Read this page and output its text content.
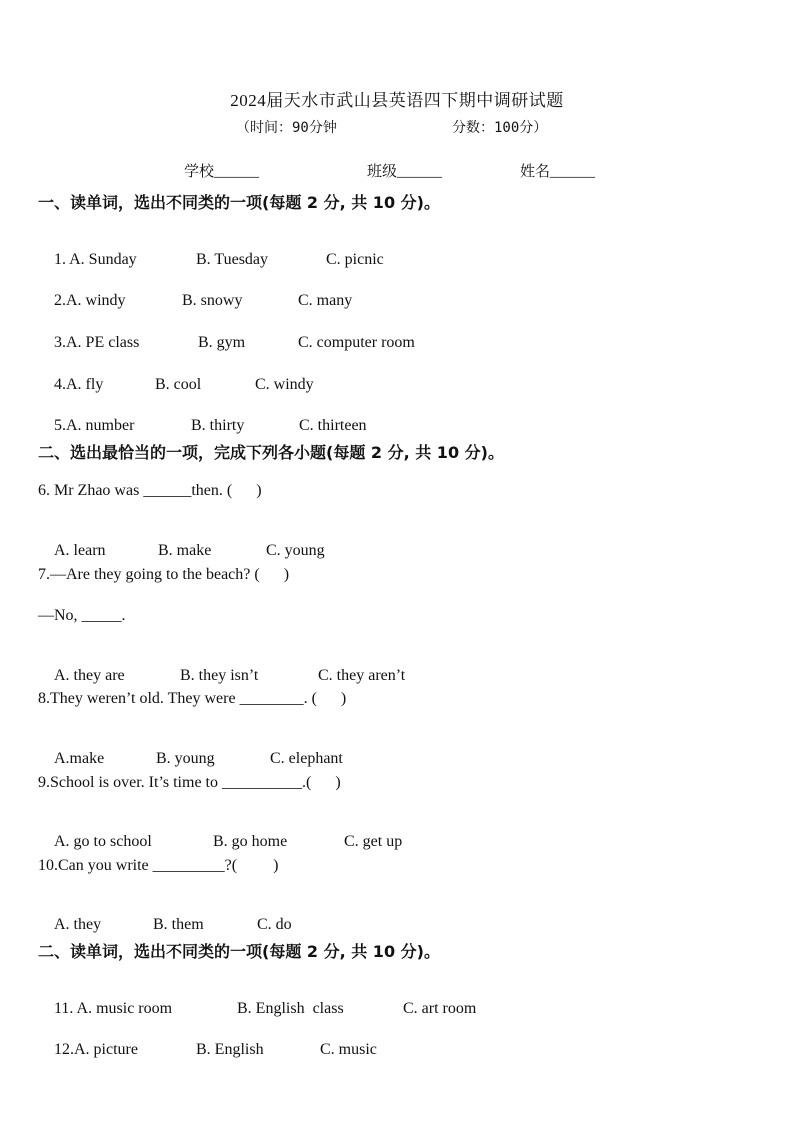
2024届天水市武山县英语四下期中调研试题
（时间：90分钟	分数：100分）
学校______	班级______	姓名______
一、读单词，选出不同类的一项(每题 2 分, 共 10 分)。

1. A. Sunday	B. Tuesday	C. picnic

2.A. windy	B. snowy	C. many

3.A. PE class	B. gym	C. computer room

4.A. fly	B. cool	C. windy

5.A. number	B. thirty	C. thirteen

二、选出最恰当的一项，完成下列各小题(每题 2 分, 共 10 分)。
6. Mr Zhao was ______then. (      )

A. learn	B. make	C. young

7.—Are they going to the beach? (      )
—No, _____.

A. they are	B. they isn’t	C. they aren’t

8.They weren’t old. They were ________. (      )

A.make	B. young	C. elephant

9.School is over. It’s time to __________.(      )

A. go to school	B. go home	C. get up

10.Can you write _________?(         )

A. they	B. them	C. do

二、读单词，选出不同类的一项(每题 2 分, 共 10 分)。

11. A. music room	B. English  class	C. art room

12.A. picture	B. English	C. music
